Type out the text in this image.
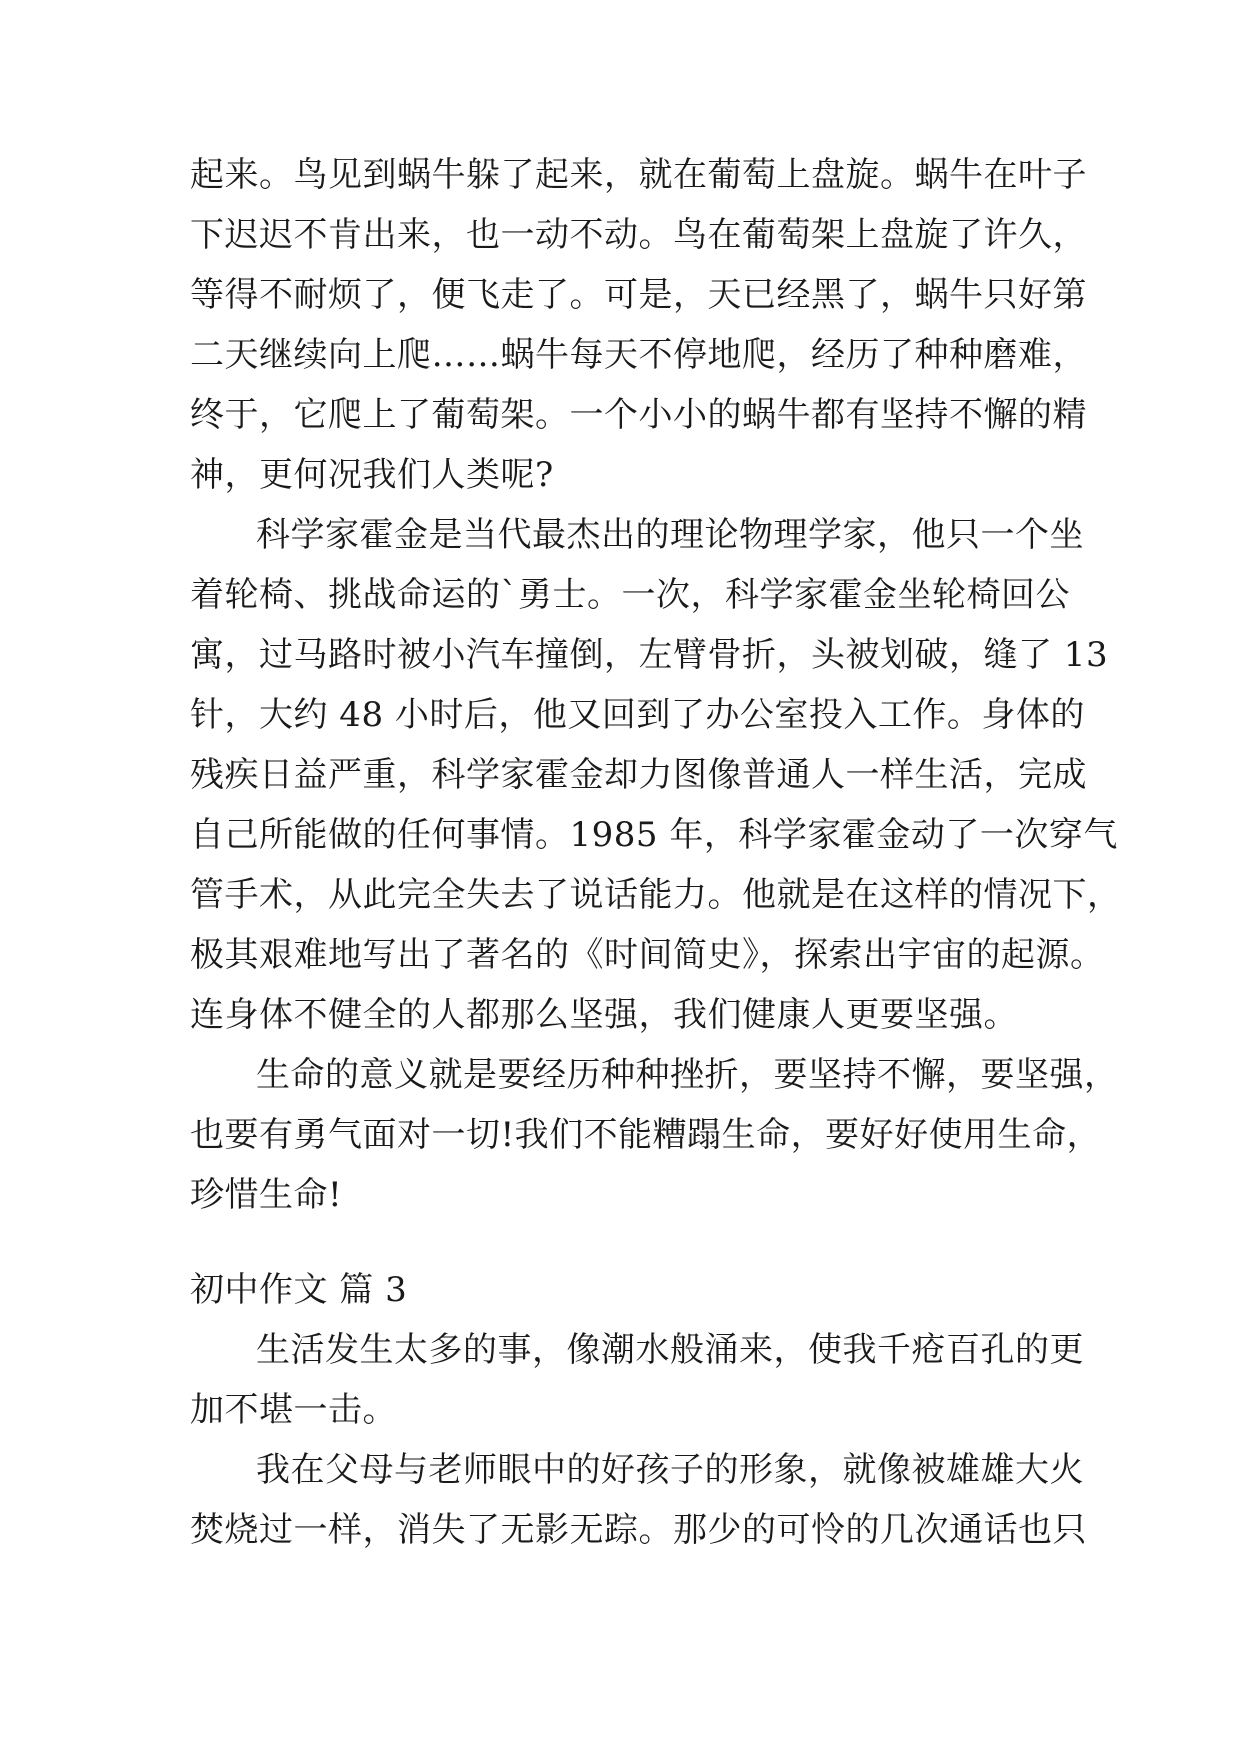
起来。鸟见到蜗牛躲了起来，就在葡萄上盘旋。蜗牛在叶子
下迟迟不肯出来，也一动不动。鸟在葡萄架上盘旋了许久，
等得不耐烦了，便飞走了。可是，天已经黑了，蜗牛只好第
二天继续向上爬……蜗牛每天不停地爬，经历了种种磨难，
终于，它爬上了葡萄架。一个小小的蜗牛都有坚持不懈的精
神，更何况我们人类呢?
科学家霍金是当代最杰出的理论物理学家，他只一个坐
着轮椅、挑战命运的`勇士。一次，科学家霍金坐轮椅回公
寓，过马路时被小汽车撞倒，左臂骨折，头被划破，缝了 13
针，大约 48 小时后，他又回到了办公室投入工作。身体的
残疾日益严重，科学家霍金却力图像普通人一样生活，完成
自己所能做的任何事情。1985 年，科学家霍金动了一次穿气
管手术，从此完全失去了说话能力。他就是在这样的情况下，
极其艰难地写出了著名的《时间简史》，探索出宇宙的起源。
连身体不健全的人都那么坚强，我们健康人更要坚强。
生命的意义就是要经历种种挫折，要坚持不懈，要坚强，
也要有勇气面对一切!我们不能糟蹋生命，要好好使用生命，
珍惜生命!
初中作文 篇 3
生活发生太多的事，像潮水般涌来，使我千疮百孔的更
加不堪一击。
我在父母与老师眼中的好孩子的形象，就像被雄雄大火
焚烧过一样，消失了无影无踪。那少的可怜的几次通话也只
